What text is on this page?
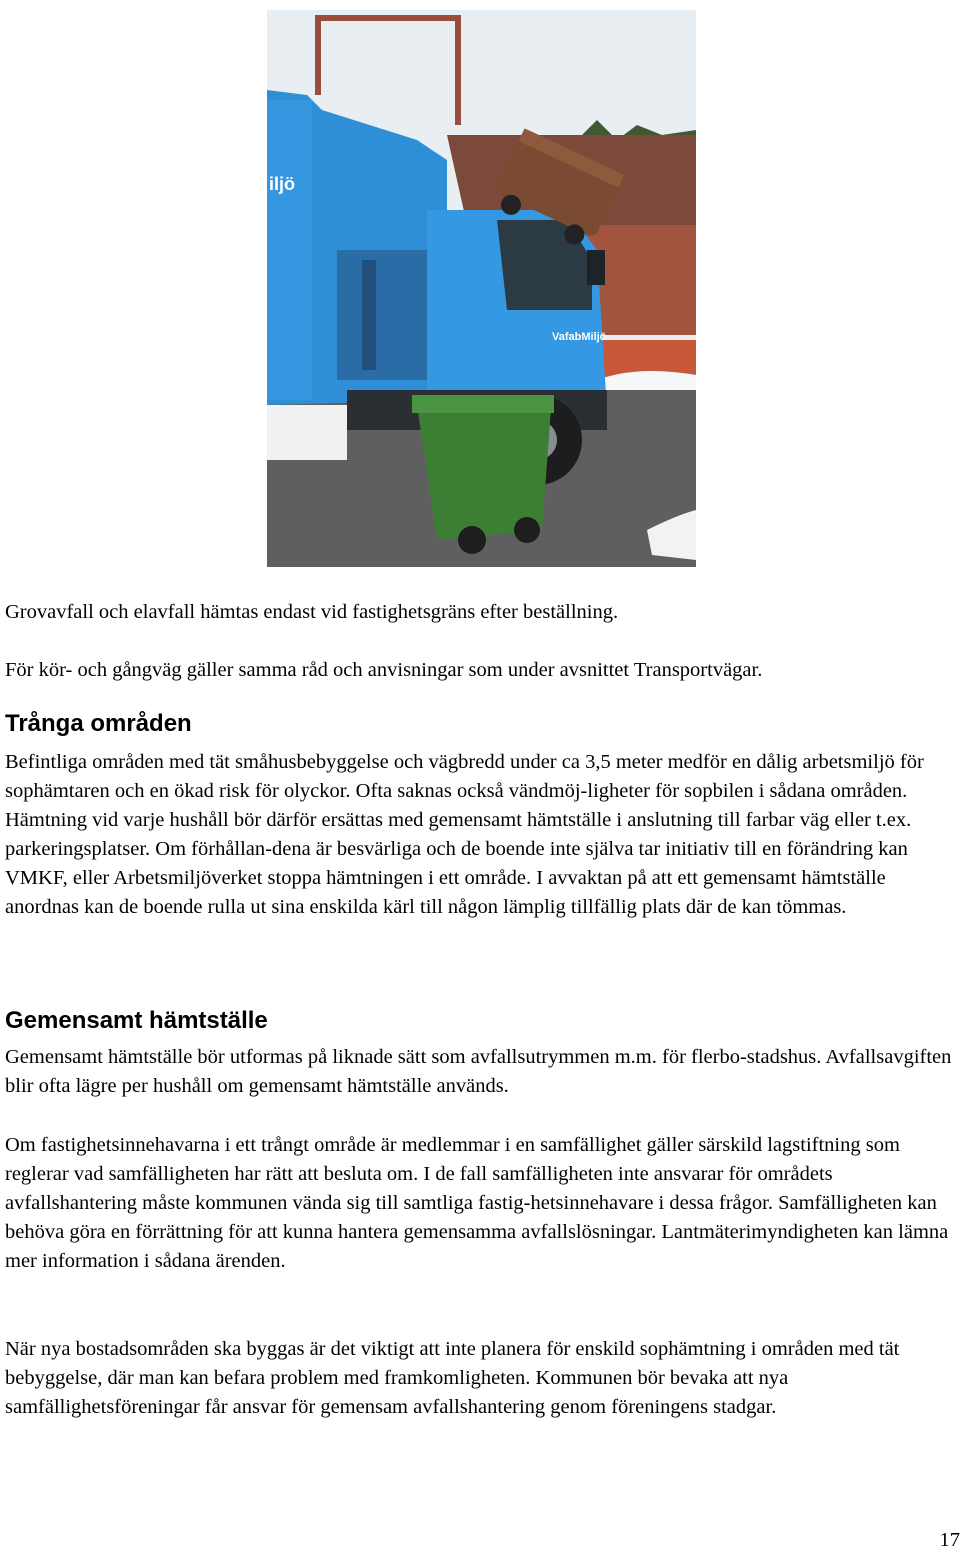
VafabMiljö
iljö

Grovavfall och elavfall hämtas endast vid fastighetsgräns efter beställning.

För kör- och gångväg gäller samma råd och anvisningar som under avsnittet Transportvägar.

Trånga områden

Befintliga områden med tät småhusbebyggelse och vägbredd under ca 3,5 meter medför en dålig arbetsmiljö för sophämtaren och en ökad risk för olyckor. Ofta saknas också vändmöj-ligheter för sopbilen i sådana områden. Hämtning vid varje hushåll bör därför ersättas med gemensamt hämtställe i anslutning till farbar väg eller t.ex. parkeringsplatser. Om förhållan-dena är besvärliga och de boende inte själva tar initiativ till en förändring kan VMKF, eller Arbetsmiljöverket stoppa hämtningen i ett område. I avvaktan på att ett gemensamt hämtställe anordnas kan de boende rulla ut sina enskilda kärl till någon lämplig tillfällig plats där de kan tömmas.

Gemensamt hämtställe

Gemensamt hämtställe bör utformas på liknade sätt som avfallsutrymmen m.m. för flerbo-stadshus. Avfallsavgiften blir ofta lägre per hushåll om gemensamt hämtställe används.

Om fastighetsinnehavarna i ett trångt område är medlemmar i en samfällighet gäller särskild lagstiftning som reglerar vad samfälligheten har rätt att besluta om. I de fall samfälligheten inte ansvarar för områdets avfallshantering måste kommunen vända sig till samtliga fastig-hetsinnehavare i dessa frågor. Samfälligheten kan behöva göra en förrättning för att kunna hantera gemensamma avfallslösningar. Lantmäterimyndigheten kan lämna mer information i sådana ärenden.

När nya bostadsområden ska byggas är det viktigt att inte planera för enskild sophämtning i områden med tät bebyggelse, där man kan befara problem med framkomligheten. Kommunen bör bevaka att nya samfällighetsföreningar får ansvar för gemensam avfallshantering genom föreningens stadgar.

17
